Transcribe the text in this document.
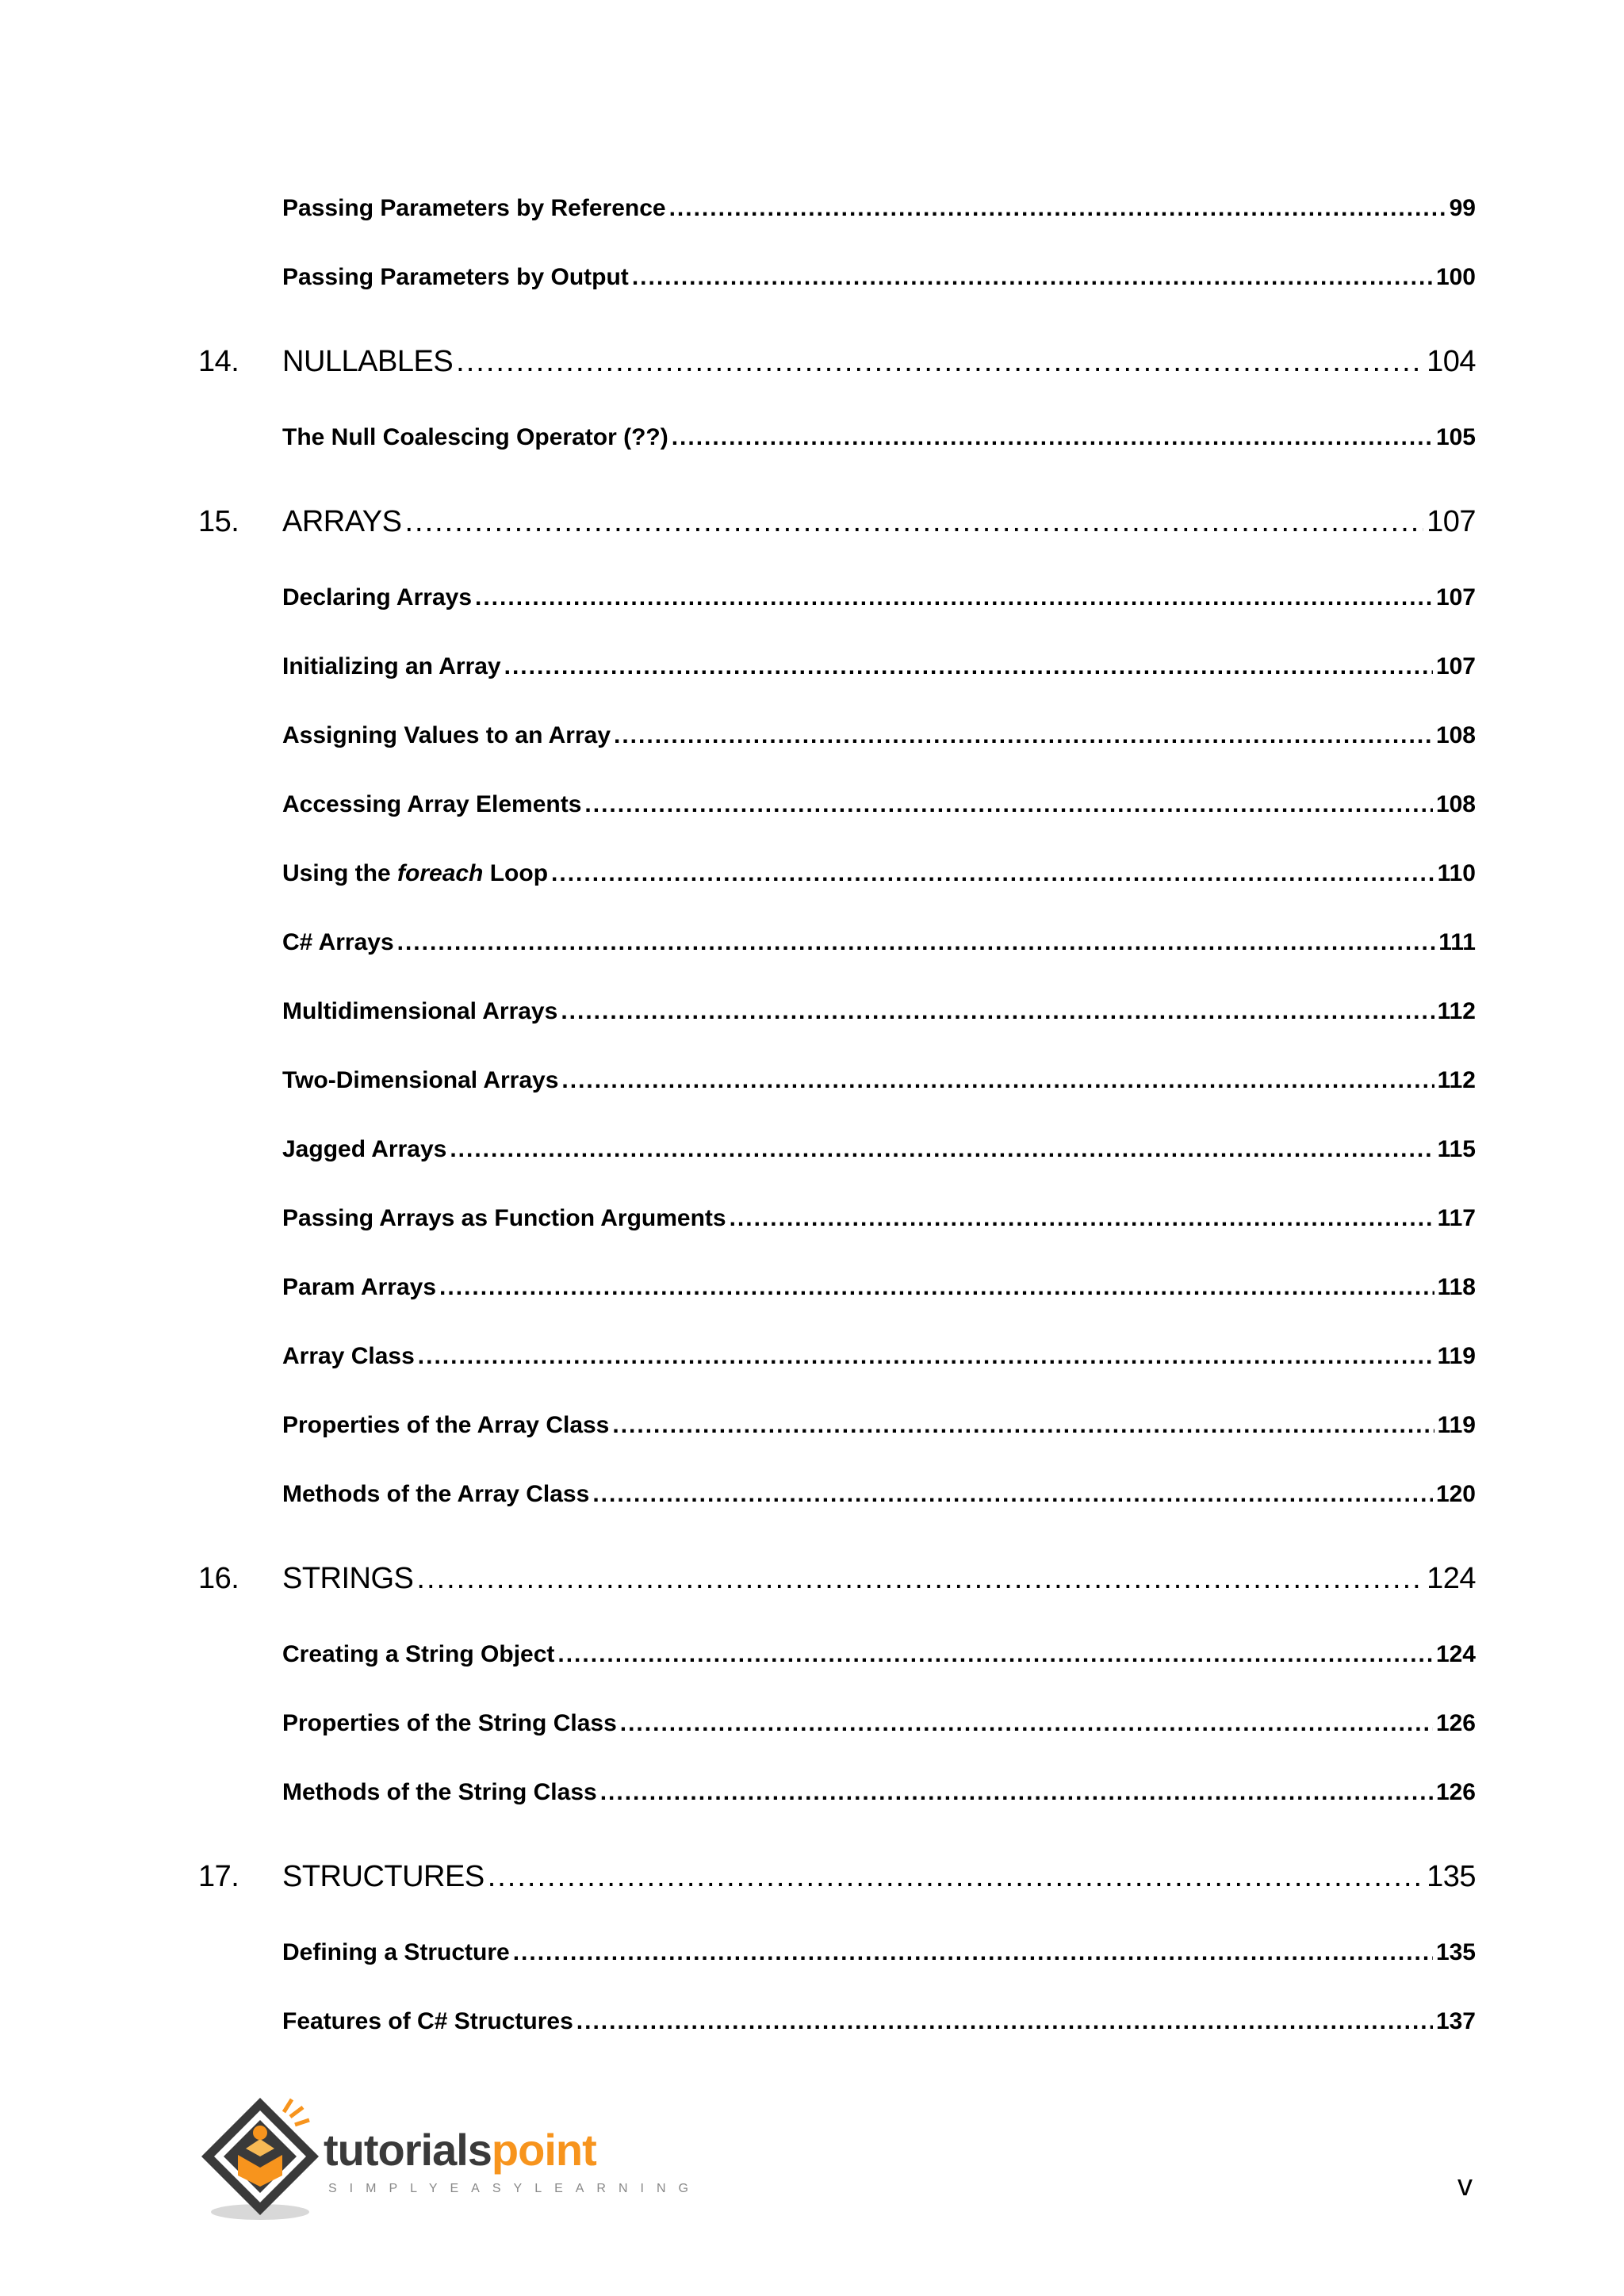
Passing Parameters by Reference .....	99
Passing Parameters by Output .....	100
14. NULLABLES .....	104
The Null Coalescing Operator (??) .....	105
15. ARRAYS .....	107
Declaring Arrays .....	107
Initializing an Array .....	107
Assigning Values to an Array .....	108
Accessing Array Elements .....	108
Using the foreach Loop .....	110
C# Arrays .....	111
Multidimensional Arrays .....	112
Two-Dimensional Arrays .....	112
Jagged Arrays .....	115
Passing Arrays as Function Arguments .....	117
Param Arrays .....	118
Array Class .....	119
Properties of the Array Class .....	119
Methods of the Array Class .....	120
16. STRINGS .....	124
Creating a String Object .....	124
Properties of the String Class .....	126
Methods of the String Class .....	126
17. STRUCTURES .....	135
Defining a Structure .....	135
Features of C# Structures .....	137
tutorialspoint
SIMPLYEASYLEARNING	v
